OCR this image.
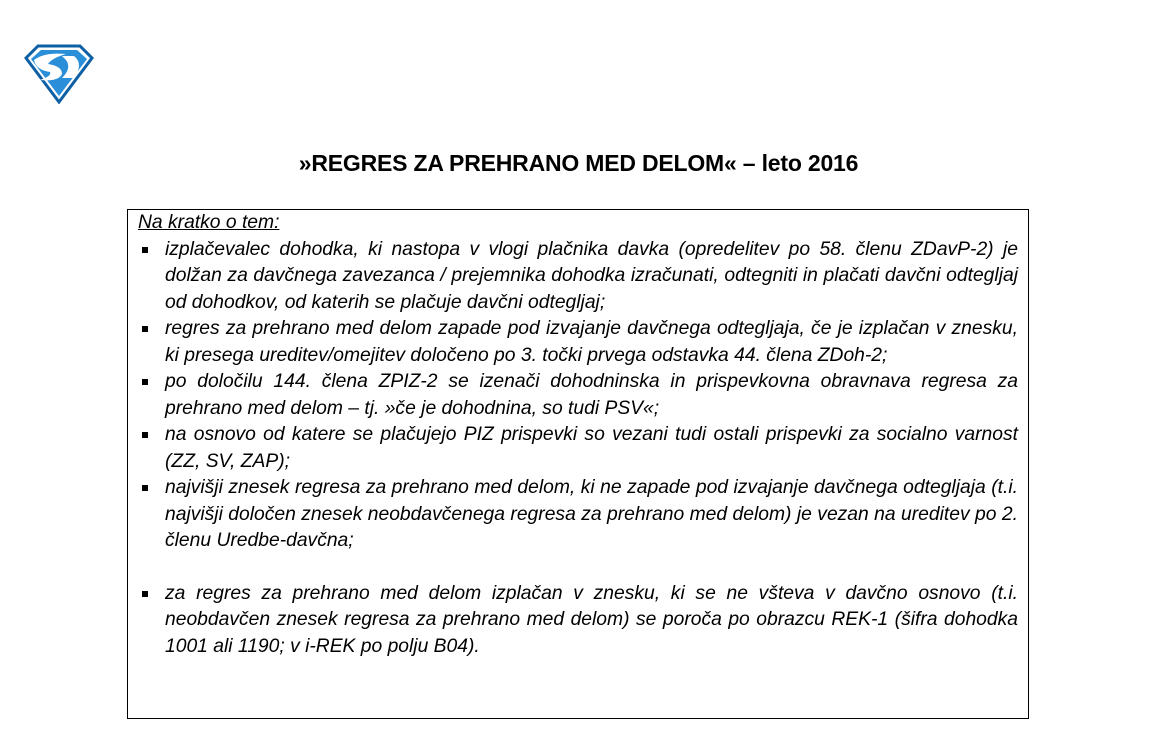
»REGRES ZA PREHRANO MED DELOM« – leto 2016

Na kratko o tem:

izplačevalec dohodka, ki nastopa v vlogi plačnika davka (opredelitev po 58. členu ZDavP-2) je dolžan za davčnega zavezanca / prejemnika dohodka izračunati, odtegniti in plačati davčni odtegljaj od dohodkov, od katerih se plačuje davčni odtegljaj;
regres za prehrano med delom zapade pod izvajanje davčnega odtegljaja, če je izplačan v znesku, ki presega ureditev/omejitev določeno po 3. točki prvega odstavka 44. člena ZDoh-2;
po določilu 144. člena ZPIZ-2 se izenači dohodninska in prispevkovna obravnava regresa za prehrano med delom – tj. »če je dohodnina, so tudi PSV«;
na osnovo od katere se plačujejo PIZ prispevki so vezani tudi ostali prispevki za socialno varnost (ZZ, SV, ZAP);
najvišji znesek regresa za prehrano med delom, ki ne zapade pod izvajanje davčnega odtegljaja (t.i. najvišji določen znesek neobdavčenega regresa za prehrano med delom) je vezan na ureditev po 2. členu Uredbe-davčna;
za regres za prehrano med delom izplačan v znesku, ki se ne všteva v davčno osnovo (t.i. neobdavčen znesek regresa za prehrano med delom) se poroča po obrazcu REK-1 (šifra dohodka 1001 ali 1190; v i-REK po polju B04).
